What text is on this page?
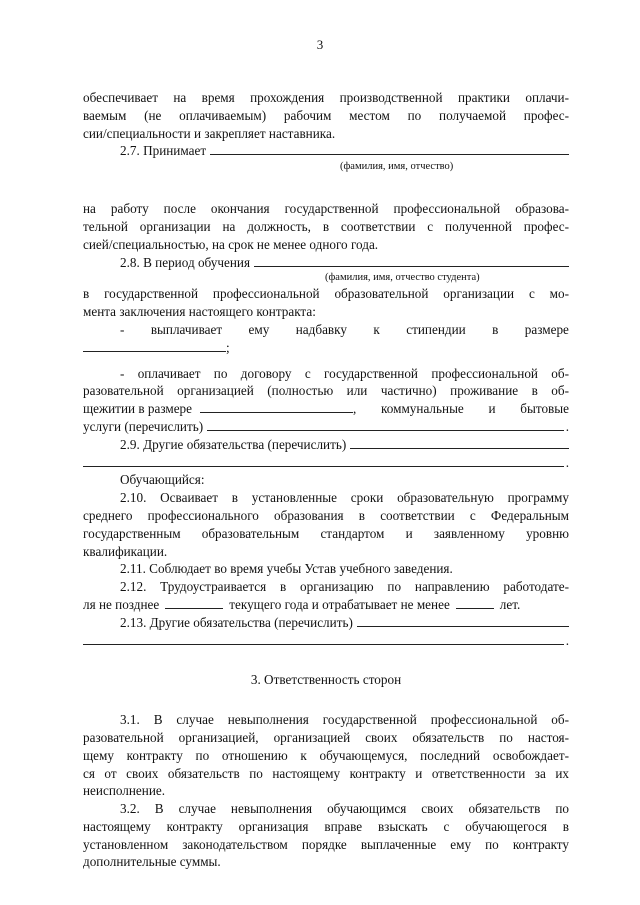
3
обеспечивает на время прохождения производственной практики оплачи-
ваемым (не оплачиваемым) рабочим местом по получаемой профес-
сии/специальности и закрепляет наставника.
2.7. Принимает
(фамилия, имя, отчество)
на работу после окончания государственной профессиональной образова-
тельной организации на должность, в соответствии с полученной профес-
сией/специальностью, на срок не менее одного года.
2.8. В период обучения
(фамилия, имя, отчество студента)
в государственной профессиональной образовательной организации с мо-
мента заключения настоящего контракта:
- выплачивает ему надбавку к стипендии в размере
;
- оплачивает по договору с государственной профессиональной об-
разовательной организацией (полностью или частично) проживание в об-
щежитии в размере	, коммунальные и бытовые
услуги (перечислить)	.
2.9. Другие обязательства (перечислить)
.
Обучающийся:
2.10. Осваивает в установленные сроки образовательную программу
среднего профессионального образования в соответствии с Федеральным
государственным образовательным стандартом и заявленному уровню
квалификации.
2.11. Соблюдает во время учебы Устав учебного заведения.
2.12. Трудоустраивается в организацию по направлению работодате-
ля не позднее	текущего года и отрабатывает не менее	лет.
2.13. Другие обязательства (перечислить)
.
3. Ответственность сторон
3.1. В случае невыполнения государственной профессиональной об-
разовательной организацией, организацией своих обязательств по настоя-
щему контракту по отношению к обучающемуся, последний освобождает-
ся от своих обязательств по настоящему контракту и ответственности за их
неисполнение.
3.2. В случае невыполнения обучающимся своих обязательств по
настоящему контракту организация вправе взыскать с обучающегося в
установленном законодательством порядке выплаченные ему по контракту
дополнительные суммы.
